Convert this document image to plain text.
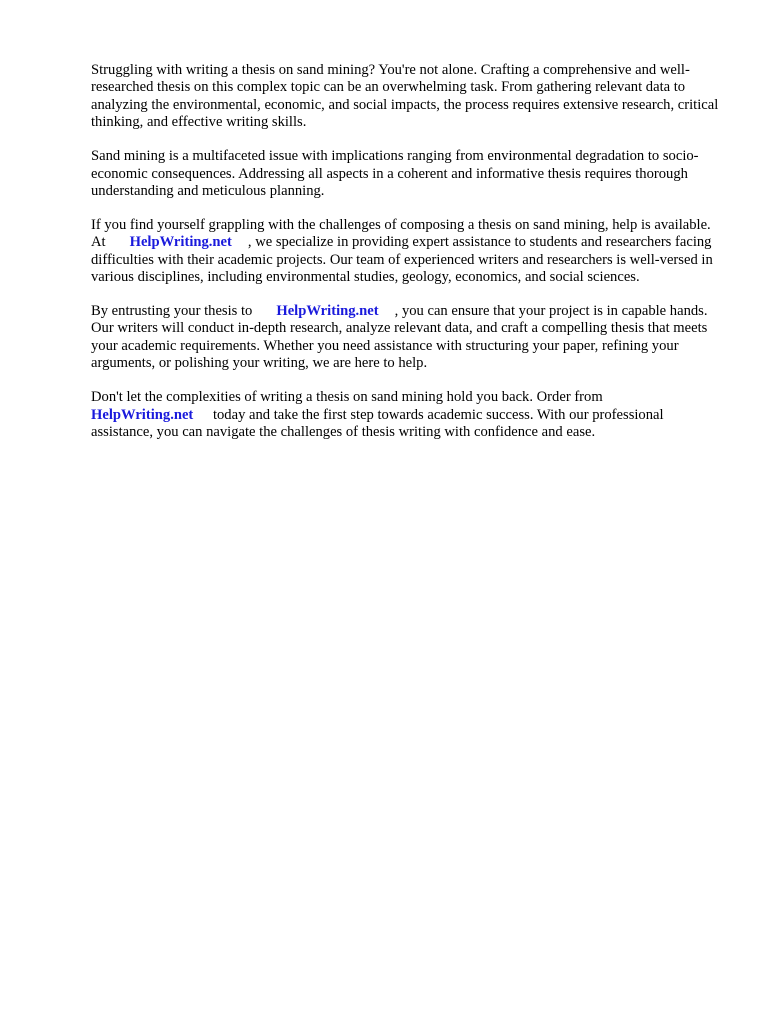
Struggling with writing a thesis on sand mining? You're not alone. Crafting a comprehensive and well-researched thesis on this complex topic can be an overwhelming task. From gathering relevant data to analyzing the environmental, economic, and social impacts, the process requires extensive research, critical thinking, and effective writing skills.

Sand mining is a multifaceted issue with implications ranging from environmental degradation to socio-economic consequences. Addressing all aspects in a coherent and informative thesis requires thorough understanding and meticulous planning.

If you find yourself grappling with the challenges of composing a thesis on sand mining, help is available. At HelpWriting.net , we specialize in providing expert assistance to students and researchers facing difficulties with their academic projects. Our team of experienced writers and researchers is well-versed in various disciplines, including environmental studies, geology, economics, and social sciences.

By entrusting your thesis to HelpWriting.net , you can ensure that your project is in capable hands. Our writers will conduct in-depth research, analyze relevant data, and craft a compelling thesis that meets your academic requirements. Whether you need assistance with structuring your paper, refining your arguments, or polishing your writing, we are here to help.

Don't let the complexities of writing a thesis on sand mining hold you back. Order from HelpWriting.net today and take the first step towards academic success. With our professional assistance, you can navigate the challenges of thesis writing with confidence and ease.
